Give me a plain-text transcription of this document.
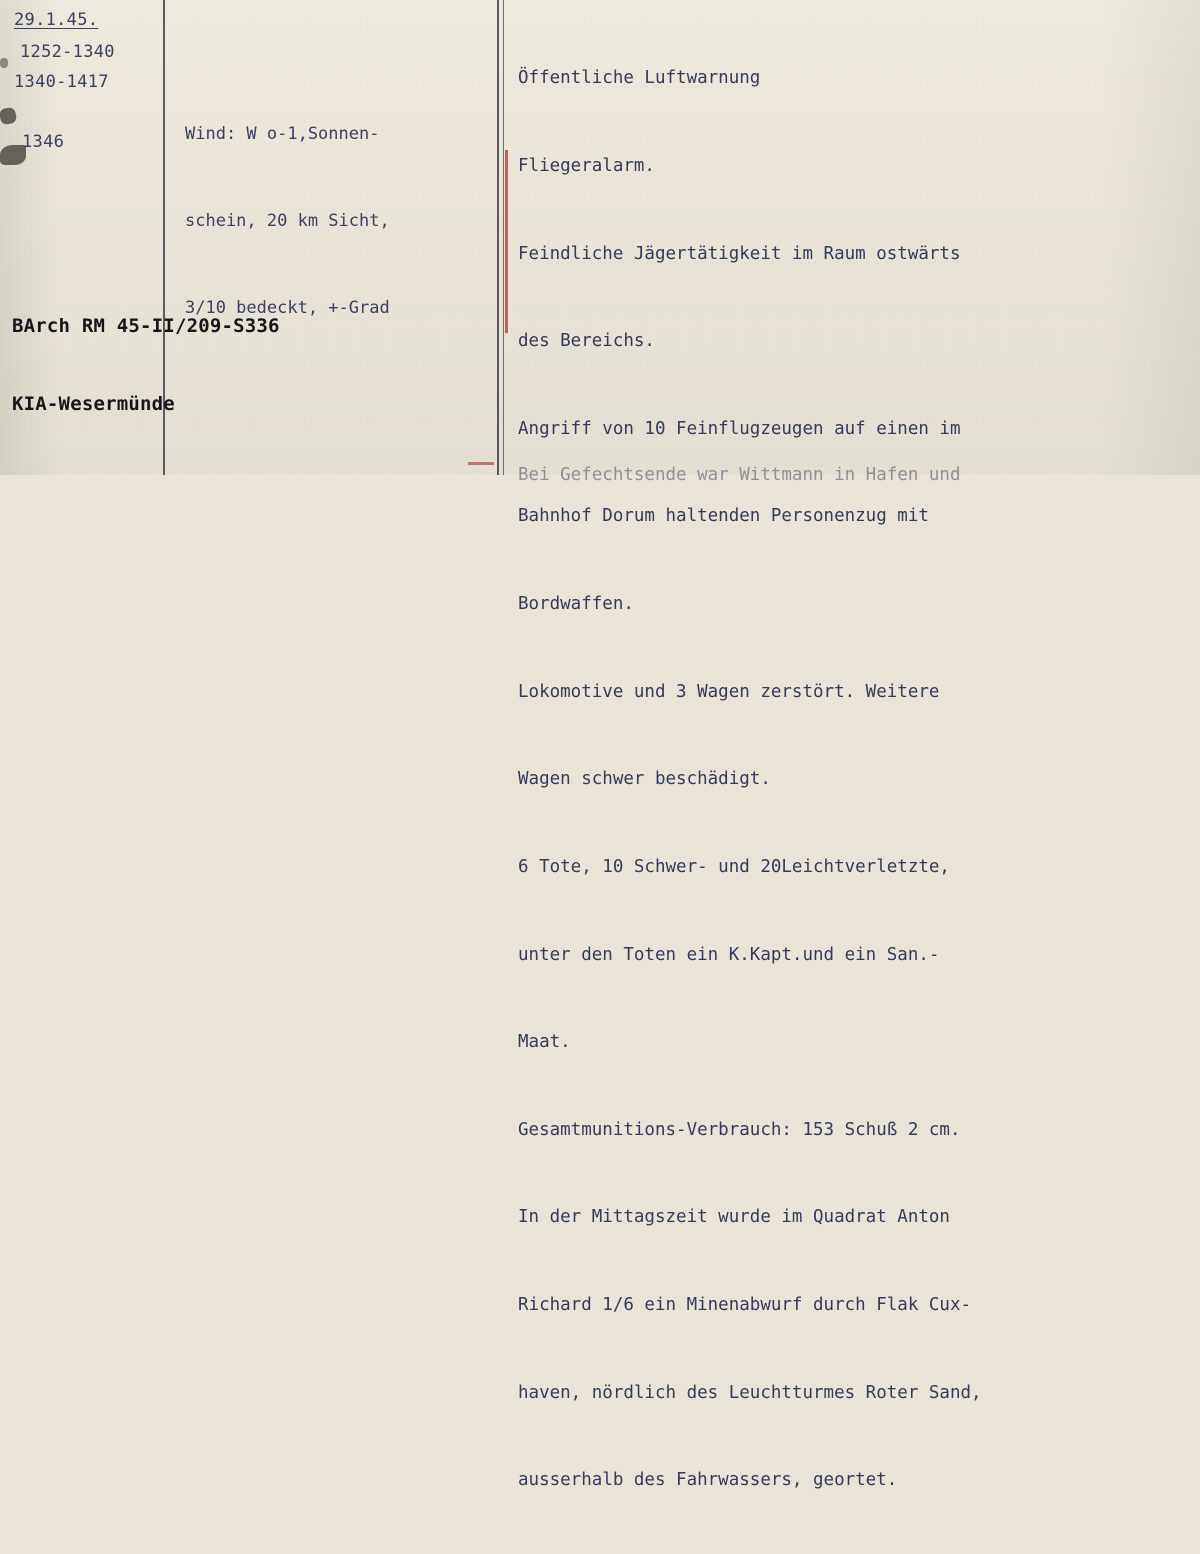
29.1.45.
1252-1340
1340-1417
1346

	Wind: W o-1,Sonnen-

schein, 20 km Sicht,

3/10 bedeckt, +-Grad

Öffentliche Luftwarnung

Fliegeralarm.

Feindliche Jägertätigkeit im Raum ostwärts

des Bereichs.

Angriff von 10 Feinflugzeugen auf einen im

Bahnhof Dorum haltenden Personenzug mit

Bordwaffen.

Lokomotive und 3 Wagen zerstört. Weitere

Wagen schwer beschädigt.

6 Tote, 10 Schwer- und 20Leichtverletzte,

unter den Toten ein K.Kapt.und ein San.-

Maat.

Gesamtmunitions-Verbrauch: 153 Schuß 2 cm.

In der Mittagszeit wurde im Quadrat Anton

Richard 1/6 ein Minenabwurf durch Flak Cux-

haven, nördlich des Leuchtturmes Roter Sand,

ausserhalb des Fahrwassers, geortet.

Bei Gefechtsende war Wittmann in Hafen und

BArch RM 45-II/209-S336

KIA-Wesermünde
